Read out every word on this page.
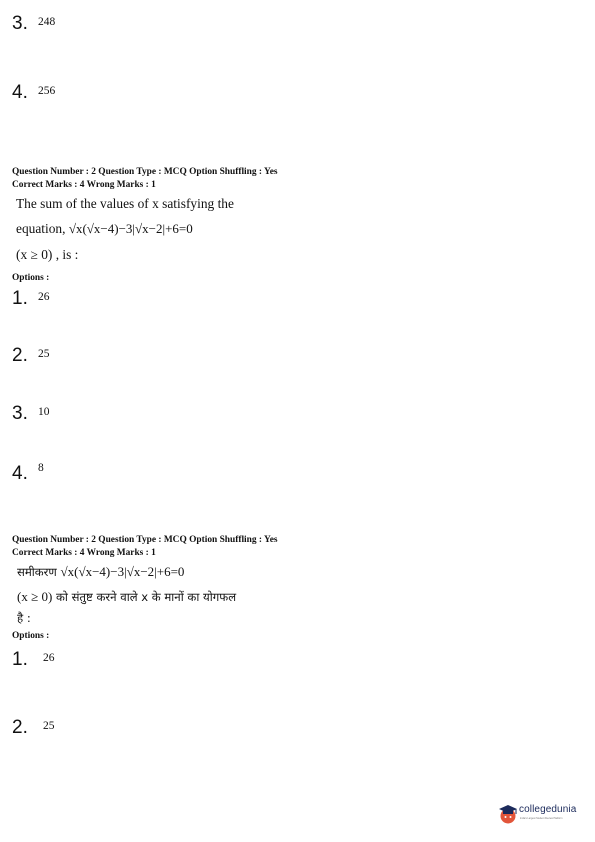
3. 248
4. 256
Question Number : 2 Question Type : MCQ Option Shuffling : Yes
Correct Marks : 4 Wrong Marks : 1
The sum of the values of x satisfying the
equation, √x(√x−4)−3|√x−2|+6=0
(x ≥ 0) , is :
Options :
1. 26
2. 25
3. 10
4. 8
Question Number : 2 Question Type : MCQ Option Shuffling : Yes
Correct Marks : 4 Wrong Marks : 1
समीकरण √x(√x−4)−3|√x−2|+6=0
(x ≥ 0) को संतुष्ट करने वाले x के मानों का योगफल
है :
Options :
1. 26
2. 25
collegedunia
India's Largest Student Review Platform
